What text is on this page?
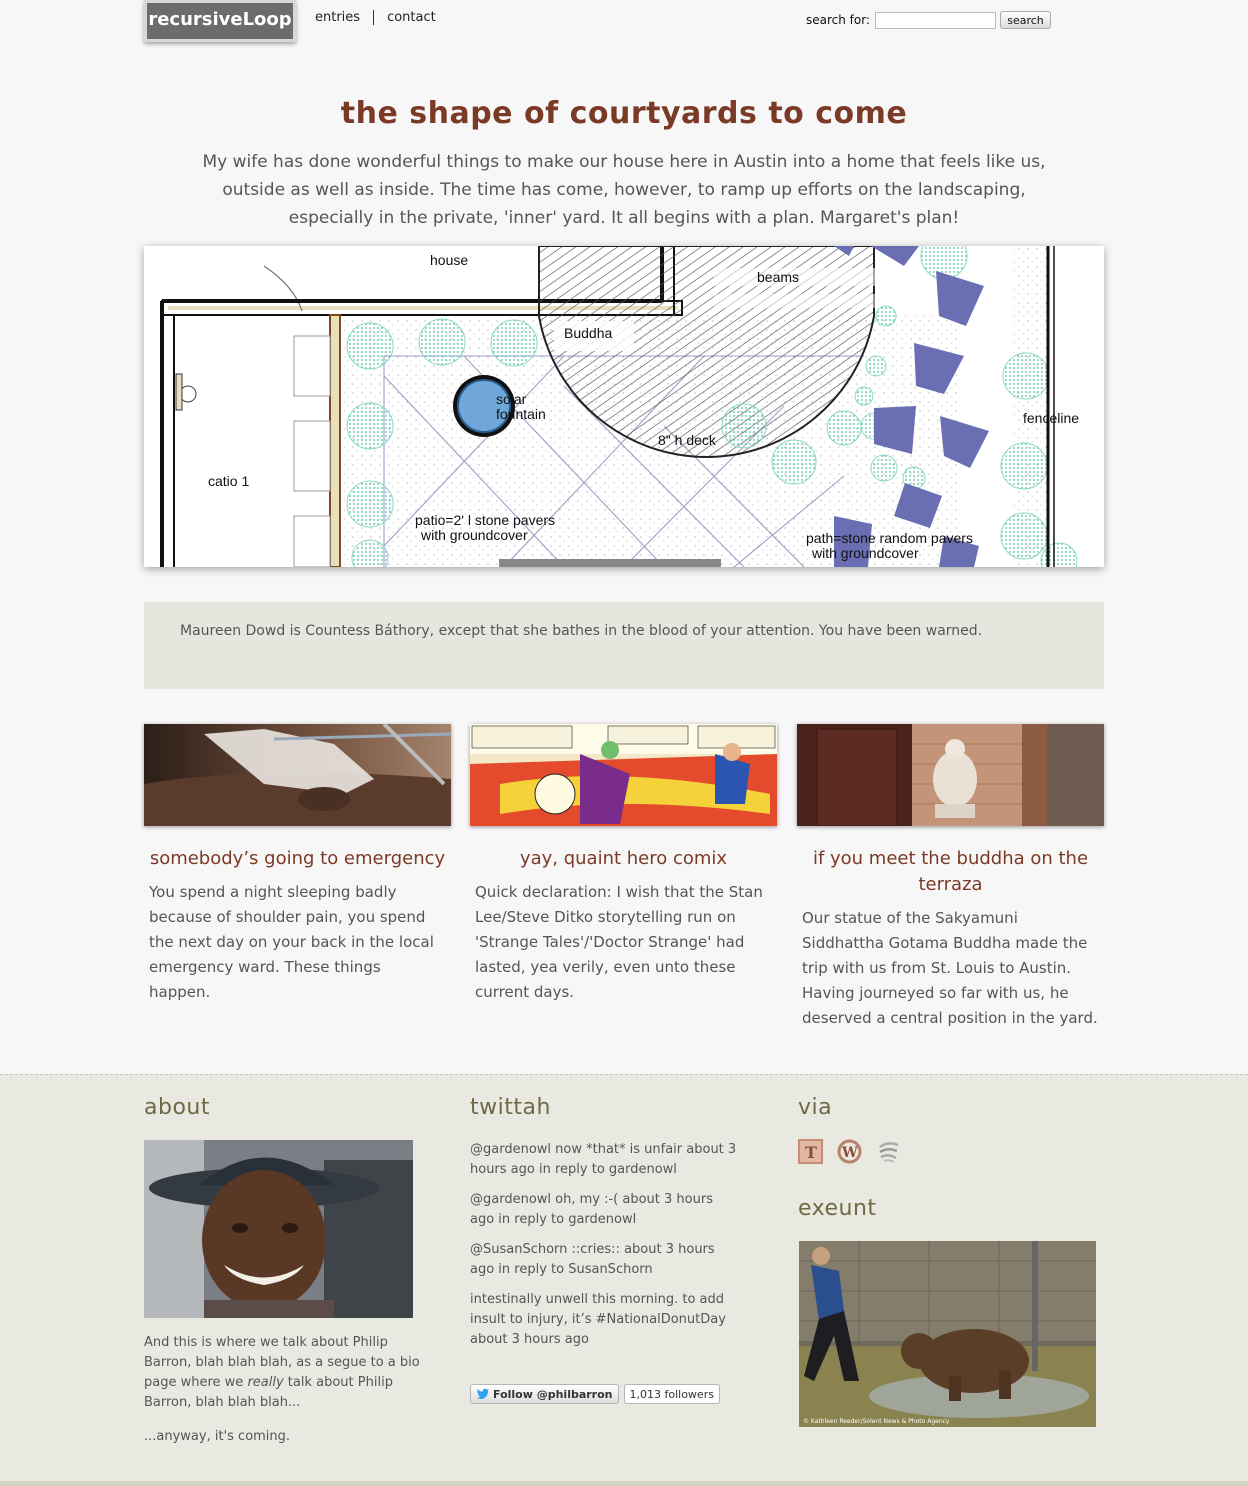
recursiveLoop	entries contact	search for:	search
the shape of courtyards to come

My wife has done wonderful things to make our house here in Austin into a home that feels like us, outside as well as inside. The time has come, however, to ramp up efforts on the landscaping, especially in the private, 'inner' yard. It all begins with a plan. Margaret's plan!

house
beams
Buddha
solar
fountain
8" h deck
fenceline
catio 1
patio=2' l stone pavers
with groundcover	path=stone random pavers
with groundcover
Maureen Dowd is Countess Báthory, except that she bathes in the blood of your attention. You have been warned.
somebody’s going to emergency

You spend a night sleeping badly because of shoulder pain, you spend the next day on your back in the local emergency ward. These things happen.

yay, quaint hero comix

Quick declaration: I wish that the Stan Lee/Steve Ditko storytelling run on 'Strange Tales'/'Doctor Strange' had lasted, yea verily, even unto these current days.

if you meet the buddha on the terraza

Our statue of the Sakyamuni Siddhattha Gotama Buddha made the trip with us from St. Louis to Austin. Having journeyed so far with us, he deserved a central position in the yard.

about

And this is where we talk about Philip Barron, blah blah blah, as a segue to a bio page where we really talk about Philip Barron, blah blah blah...

...anyway, it's coming.

twittah

@gardenowl now *that* is unfair about 3 hours ago in reply to gardenowl

@gardenowl oh, my :-( about 3 hours ago in reply to gardenowl

@SusanSchorn ::cries:: about 3 hours ago in reply to SusanSchorn

intestinally unwell this morning. to add insult to injury, it’s #NationalDonutDay about 3 hours ago

Follow @philbarron	1,013 followers
via
T W
exeunt
© Kathleen Reeder/Solent News & Photo Agency
